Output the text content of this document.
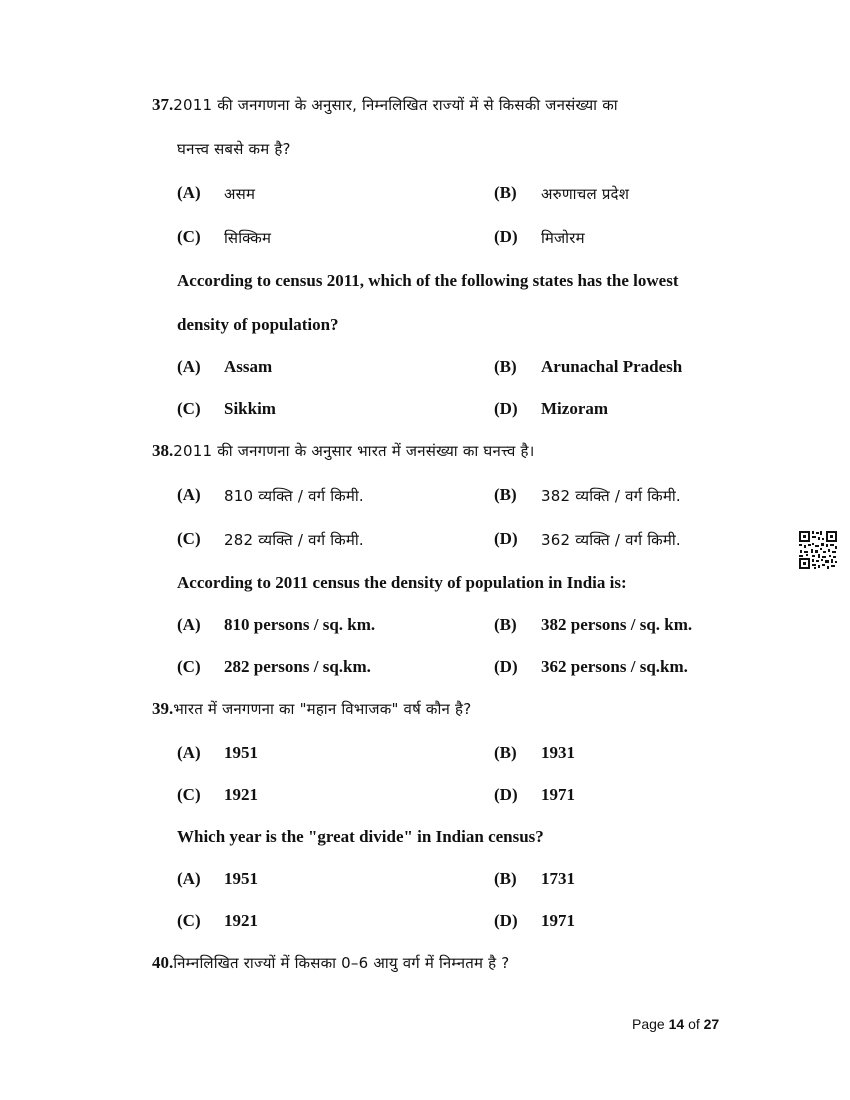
37.2011 की जनगणना के अनुसार, निम्नलिखित राज्यों में से किसकी जनसंख्या का
घनत्त्व सबसे कम है?
(A) असम	(B) अरुणाचल प्रदेश
(C) सिक्किम	(D) मिजोरम
According to census 2011, which of the following states has the lowest
density of population?
(A) Assam	(B) Arunachal Pradesh
(C) Sikkim	(D) Mizoram
38.2011 की जनगणना के अनुसार भारत में जनसंख्या का घनत्त्व है।
(A) 810 व्यक्ति / वर्ग किमी.	(B) 382 व्यक्ति / वर्ग किमी.
(C) 282 व्यक्ति / वर्ग किमी.	(D) 362 व्यक्ति / वर्ग किमी.
According to 2011 census the density of population in India is:
(A) 810 persons / sq. km.	(B) 382 persons / sq. km.
(C) 282 persons / sq.km.	(D) 362 persons / sq.km.
39.भारत में जनगणना का "महान विभाजक" वर्ष कौन है?
(A) 1951	(B) 1931
(C) 1921	(D) 1971
Which year is the "great divide" in Indian census?
(A) 1951	(B) 1731
(C) 1921	(D) 1971
40.निम्नलिखित राज्यों में किसका 0–6 आयु वर्ग में निम्नतम है ?
Page 14 of 27
